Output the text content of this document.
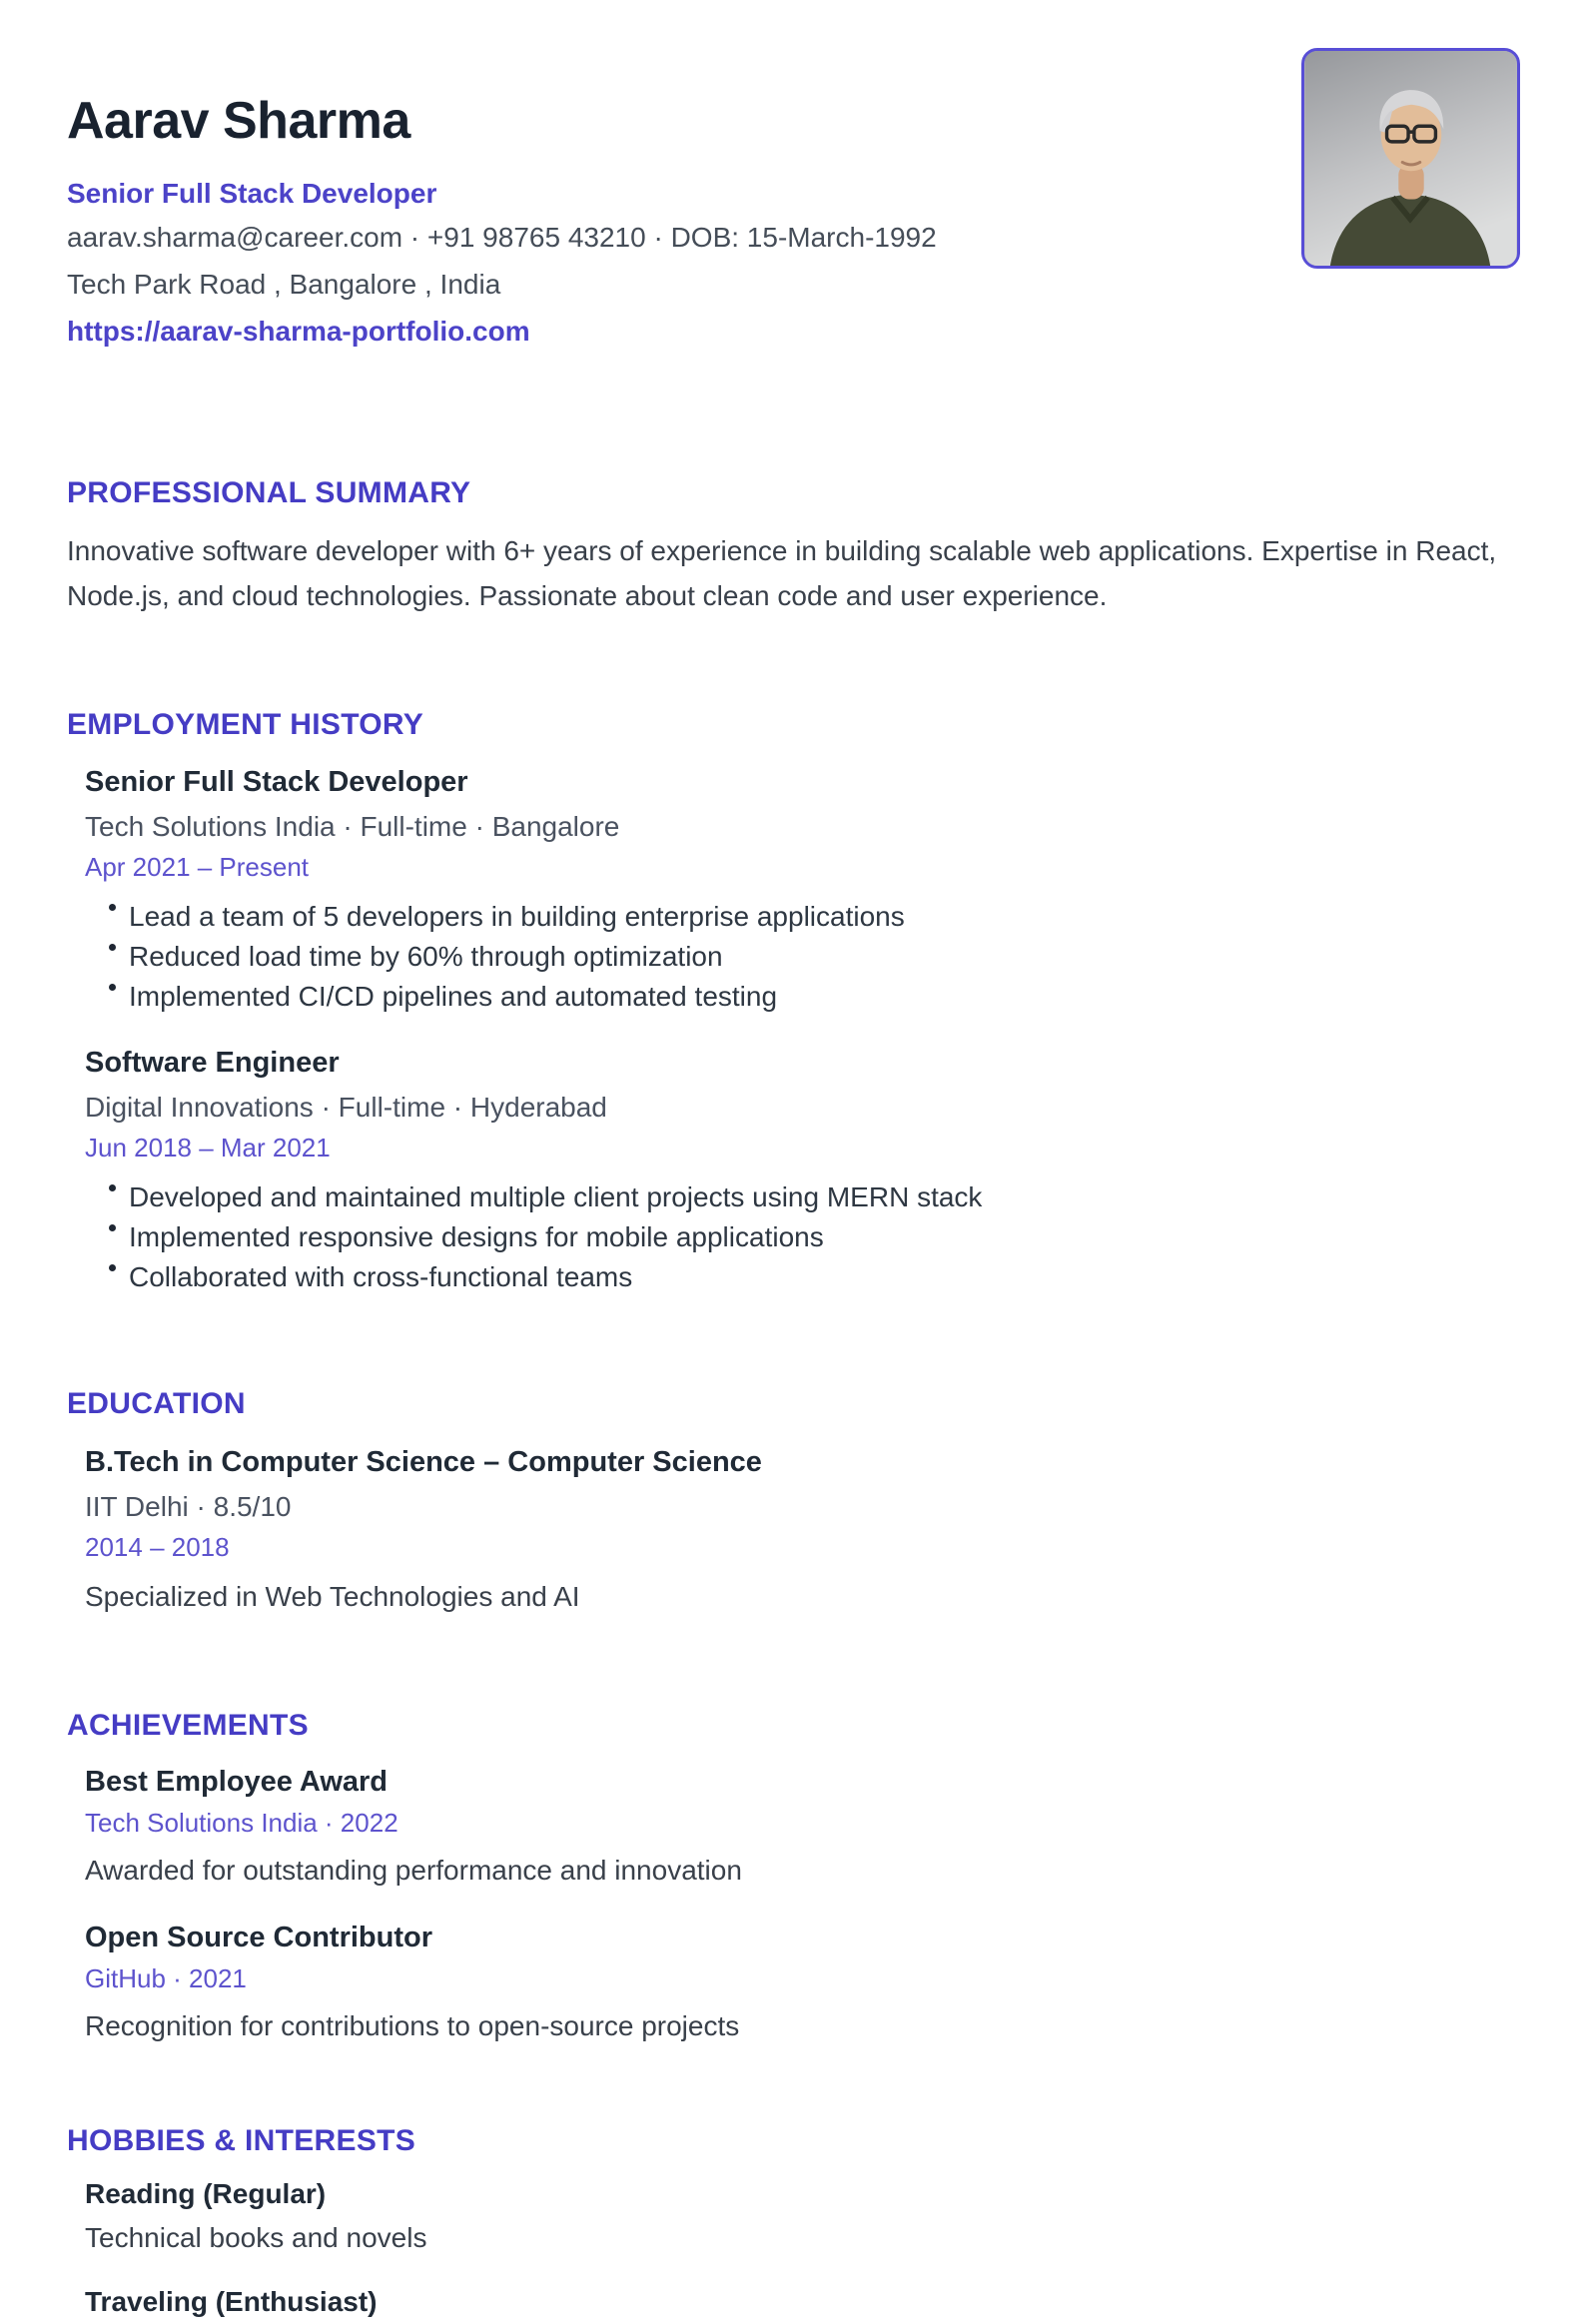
Aarav Sharma
Senior Full Stack Developer
aarav.sharma@career.com · +91 98765 43210 · DOB: 15-March-1992
Tech Park Road , Bangalore , India
https://aarav-sharma-portfolio.com
PROFESSIONAL SUMMARY
Innovative software developer with 6+ years of experience in building scalable web applications. Expertise in React, Node.js, and cloud technologies. Passionate about clean code and user experience.
EMPLOYMENT HISTORY
Senior Full Stack Developer
Tech Solutions India · Full-time · Bangalore
Apr 2021 – Present
Lead a team of 5 developers in building enterprise applications
Reduced load time by 60% through optimization
Implemented CI/CD pipelines and automated testing
Software Engineer
Digital Innovations · Full-time · Hyderabad
Jun 2018 – Mar 2021
Developed and maintained multiple client projects using MERN stack
Implemented responsive designs for mobile applications
Collaborated with cross-functional teams
EDUCATION
B.Tech in Computer Science – Computer Science
IIT Delhi · 8.5/10
2014 – 2018
Specialized in Web Technologies and AI
ACHIEVEMENTS
Best Employee Award
Tech Solutions India · 2022
Awarded for outstanding performance and innovation
Open Source Contributor
GitHub · 2021
Recognition for contributions to open-source projects
HOBBIES & INTERESTS
Reading (Regular)
Technical books and novels
Traveling (Enthusiast)
